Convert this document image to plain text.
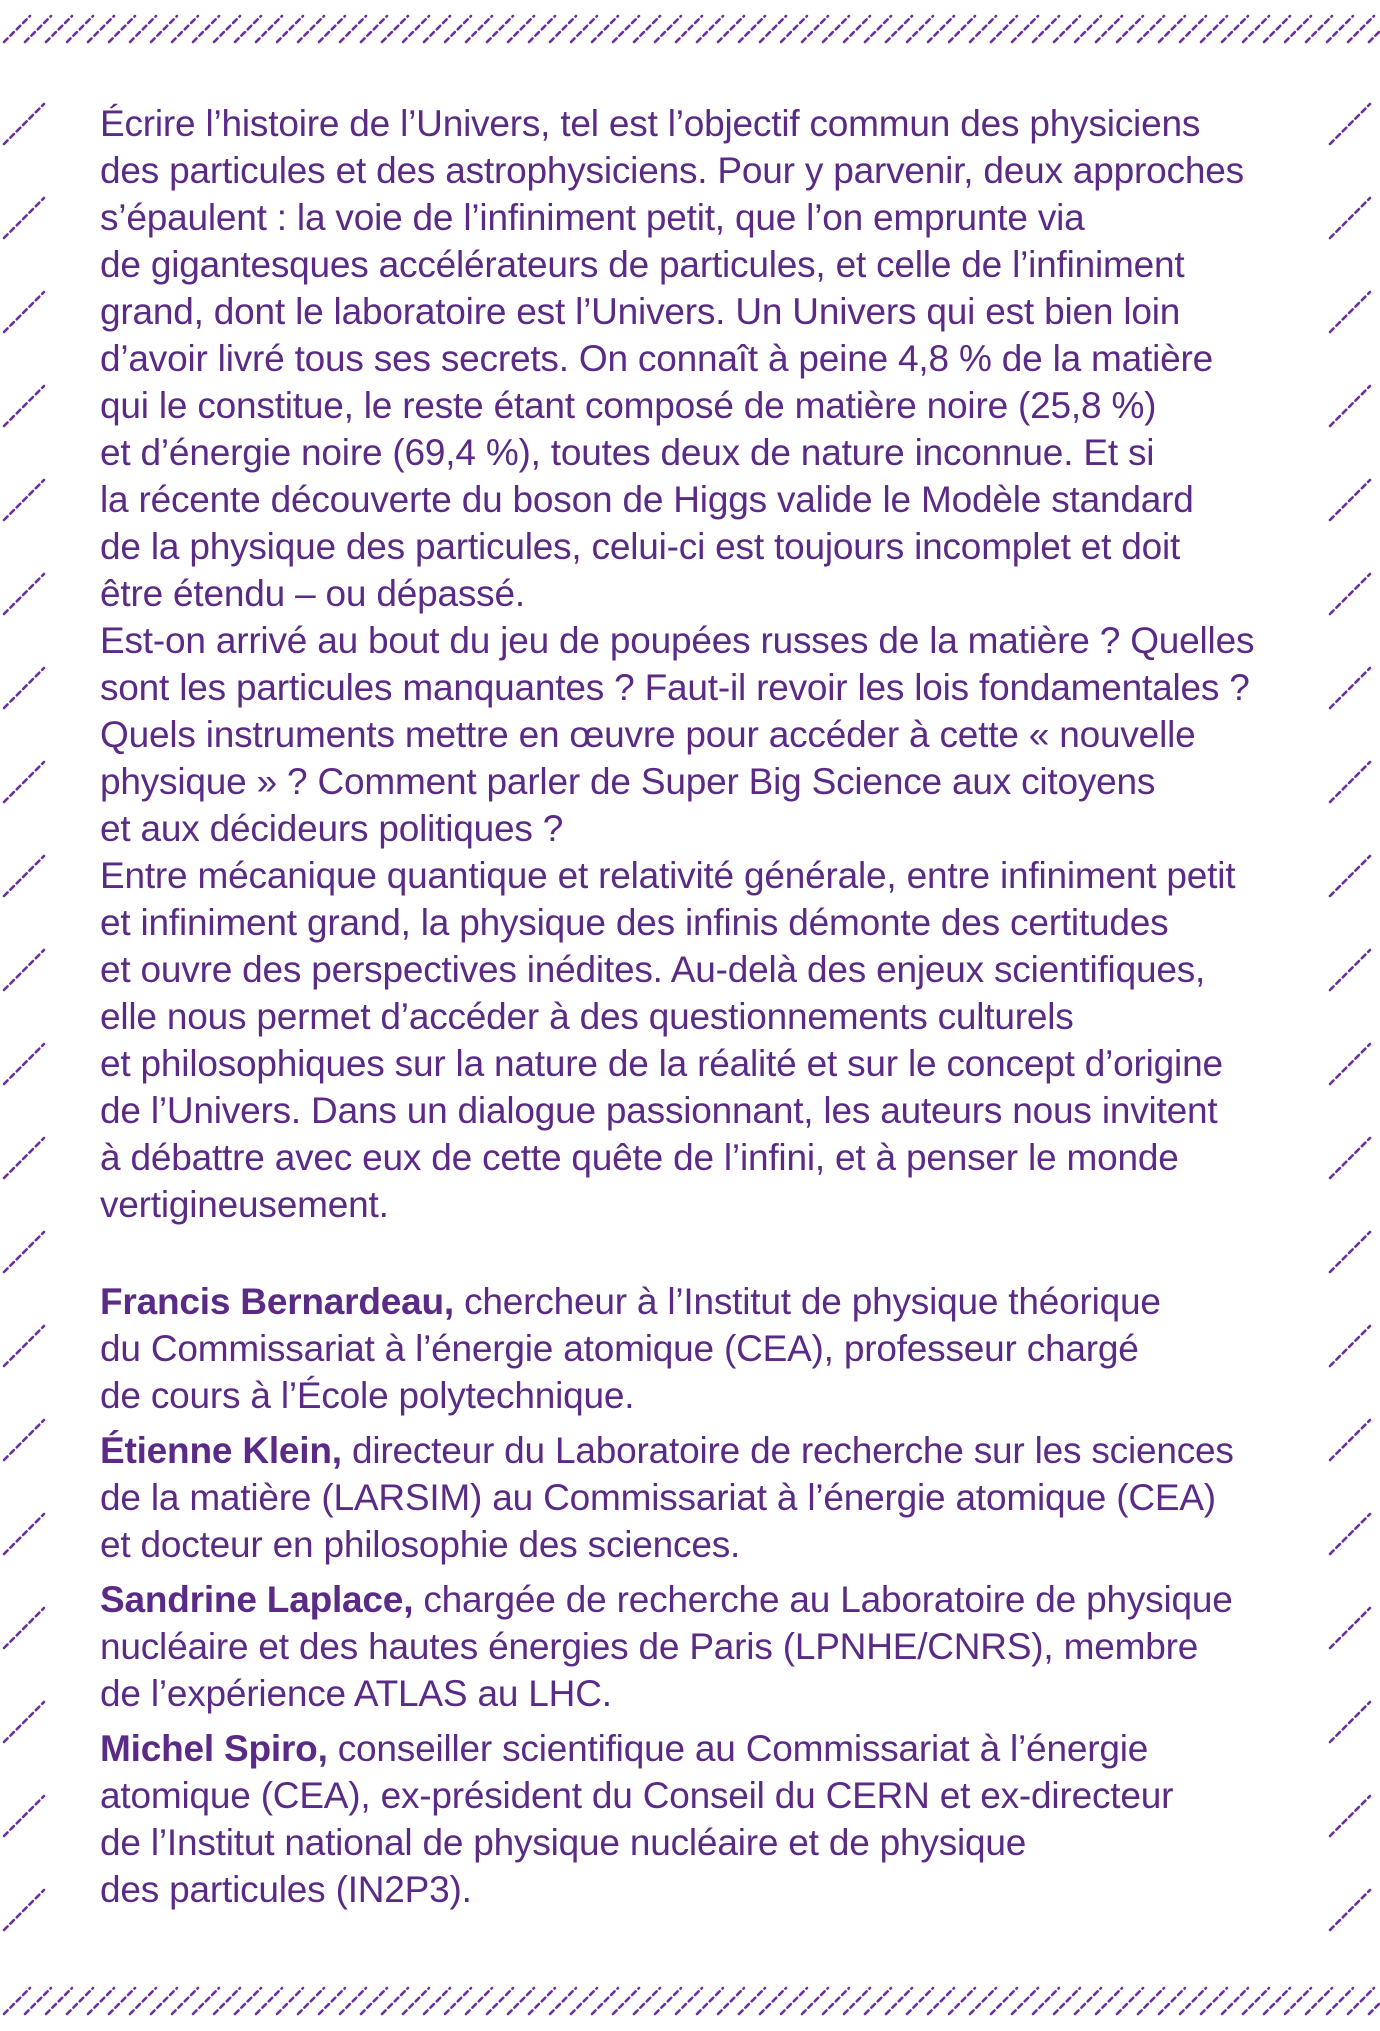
Écrire l’histoire de l’Univers, tel est l’objectif commun des physiciens
des particules et des astrophysiciens. Pour y parvenir, deux approches
s’épaulent : la voie de l’infiniment petit, que l’on emprunte via
de gigantesques accélérateurs de particules, et celle de l’infiniment
grand, dont le laboratoire est l’Univers. Un Univers qui est bien loin
d’avoir livré tous ses secrets. On connaît à peine 4,8 % de la matière
qui le constitue, le reste étant composé de matière noire (25,8 %)
et d’énergie noire (69,4 %), toutes deux de nature inconnue. Et si
la récente découverte du boson de Higgs valide le Modèle standard
de la physique des particules, celui-ci est toujours incomplet et doit
être étendu – ou dépassé.

Est-on arrivé au bout du jeu de poupées russes de la matière ? Quelles
sont les particules manquantes ? Faut-il revoir les lois fondamentales ?
Quels instruments mettre en œuvre pour accéder à cette « nouvelle
physique » ? Comment parler de Super Big Science aux citoyens
et aux décideurs politiques ?

Entre mécanique quantique et relativité générale, entre infiniment petit
et infiniment grand, la physique des infinis démonte des certitudes
et ouvre des perspectives inédites. Au-delà des enjeux scientifiques,
elle nous permet d’accéder à des questionnements culturels
et philosophiques sur la nature de la réalité et sur le concept d’origine
de l’Univers. Dans un dialogue passionnant, les auteurs nous invitent
à débattre avec eux de cette quête de l’infini, et à penser le monde
vertigineusement.

Francis Bernardeau, chercheur à l’Institut de physique théorique
du Commissariat à l’énergie atomique (CEA), professeur chargé
de cours à l’École polytechnique.

Étienne Klein, directeur du Laboratoire de recherche sur les sciences
de la matière (LARSIM) au Commissariat à l’énergie atomique (CEA)
et docteur en philosophie des sciences.

Sandrine Laplace, chargée de recherche au Laboratoire de physique
nucléaire et des hautes énergies de Paris (LPNHE/CNRS), membre
de l’expérience ATLAS au LHC.

Michel Spiro, conseiller scientifique au Commissariat à l’énergie
atomique (CEA), ex-président du Conseil du CERN et ex-directeur
de l’Institut national de physique nucléaire et de physique
des particules (IN2P3).
